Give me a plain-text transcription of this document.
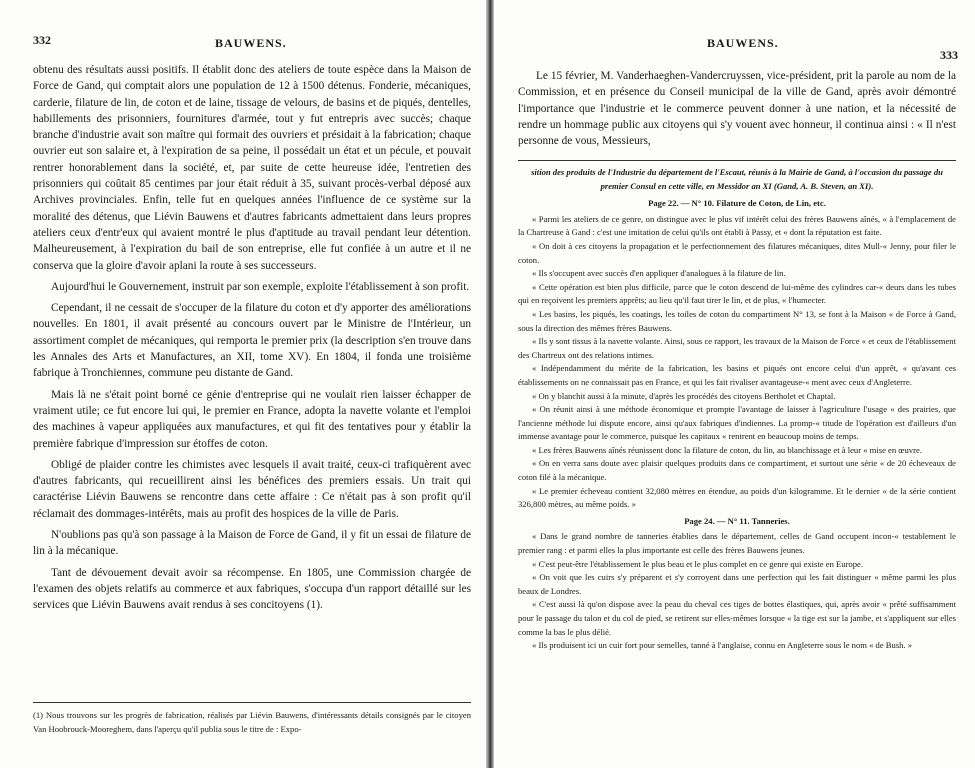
332	BAUWENS.

obtenu des résultats aussi positifs. Il établit donc des ateliers de toute espèce dans la Maison de Force de Gand, qui comptait alors une population de 12 à 1500 détenus. Fonderie, mécaniques, carderie, filature de lin, de coton et de laine, tissage de velours, de basins et de piqués, dentelles, habillements des prisonniers, fournitures d'armée, tout y fut entrepris avec succès; chaque branche d'industrie avait son maître qui formait des ouvriers et présidait à la fabrication; chaque ouvrier eut son salaire et, à l'expiration de sa peine, il possédait un état et un pécule, et pouvait rentrer honorablement dans la société, et, par suite de cette heureuse idée, l'entretien des prisonniers qui coûtait 85 centimes par jour était réduit à 35, suivant procès-verbal déposé aux Archives provinciales. Enfin, telle fut en quelques années l'influence de ce système sur la moralité des détenus, que Liévin Bauwens et d'autres fabricants admettaient dans leurs propres ateliers ceux d'entr'eux qui avaient montré le plus d'aptitude au travail pendant leur détention. Malheureusement, à l'expiration du bail de son entreprise, elle fut confiée à un autre et il ne conserva que la gloire d'avoir aplani la route à ses successeurs.

Aujourd'hui le Gouvernement, instruit par son exemple, exploite l'établissement à son profit.

Cependant, il ne cessait de s'occuper de la filature du coton et d'y apporter des améliorations nouvelles. En 1801, il avait présenté au concours ouvert par le Ministre de l'Intérieur, un assortiment complet de mécaniques, qui remporta le premier prix (la description s'en trouve dans les Annales des Arts et Manufactures, an XII, tome XV). En 1804, il fonda une troisième fabrique à Tronchiennes, commune peu distante de Gand.

Mais là ne s'était point borné ce génie d'entreprise qui ne voulait rien laisser échapper de vraiment utile; ce fut encore lui qui, le premier en France, adopta la navette volante et l'emploi des machines à vapeur appliquées aux manufactures, et qui fit des tentatives pour y établir la première fabrique d'impression sur étoffes de coton.

Obligé de plaider contre les chimistes avec lesquels il avait traité, ceux-ci trafiquèrent avec d'autres fabricants, qui recueillirent ainsi les bénéfices des premiers essais. Un trait qui caractérise Liévin Bauwens se rencontre dans cette affaire : Ce n'était pas à son profit qu'il réclamait des dommages-intérêts, mais au profit des hospices de la ville de Paris.

N'oublions pas qu'à son passage à la Maison de Force de Gand, il y fit un essai de filature de lin à la mécanique.

Tant de dévouement devait avoir sa récompense. En 1805, une Commission chargée de l'examen des objets relatifs au commerce et aux fabriques, s'occupa d'un rapport détaillé sur les services que Liévin Bauwens avait rendus à ses concitoyens (1).

(1) Nous trouvons sur les progrès de fabrication, réalisés par Liévin Bauwens, d'intéressants détails consignés par le citoyen Van Hoobrouck-Mooreghem, dans l'aperçu qu'il publia sous le titre de : Expo-
BAUWENS.
333

Le 15 février, M. Vanderhaeghen-Vandercruyssen, vice-président, prit la parole au nom de la Commission, et en présence du Conseil municipal de la ville de Gand, après avoir démontré l'importance que l'industrie et le commerce peuvent donner à une nation, et la nécessité de rendre un hommage public aux citoyens qui s'y vouent avec honneur, il continua ainsi : « Il n'est personne de vous, Messieurs,

sition des produits de l'Industrie du département de l'Escaut, réunis à la Mairie de Gand, à l'occasion du passage du premier Consul en cette ville, en Messidor an XI (Gand, A. B. Steven, an XI).

Page 22. — N° 10. Filature de Coton, de Lin, etc.

« Parmi les ateliers de ce genre, on distingue avec le plus vif intérêt celui des frères Bauwens aînés, « à l'emplacement de la Chartreuse à Gand : c'est une imitation de celui qu'ils ont établi à Passy, et « dont la réputation est faite.

« On doit à ces citoyens la propagation et le perfectionnement des filatures mécaniques, dites Mull-« Jenny, pour filer le coton.

« Ils s'occupent avec succès d'en appliquer d'analogues à la filature de lin.

« Cette opération est bien plus difficile, parce que le coton descend de lui-même des cylindres car-« deurs dans les tubes qui en reçoivent les premiers apprêts; au lieu qu'il faut tirer le lin, et de plus, « l'humecter.

« Les basins, les piqués, les coatings, les toiles de coton du compartiment N° 13, se font à la Maison « de Force à Gand, sous la direction des mêmes frères Bauwens.

« Ils y sont tissus à la navette volante. Ainsi, sous ce rapport, les travaux de la Maison de Force « et ceux de l'établissement des Chartreux ont des relations intimes.

« Indépendamment du mérite de la fabrication, les basins et piqués ont encore celui d'un apprêt, « qu'avant ces établissements on ne connaissait pas en France, et qui les fait rivaliser avantageuse-« ment avec ceux d'Angleterre.

« On y blanchit aussi à la minute, d'après les procédés des citoyens Bertholet et Chaptal.

« On réunit ainsi à une méthode économique et prompte l'avantage de laisser à l'agriculture l'usage « des prairies, que l'ancienne méthode lui dispute encore, ainsi qu'aux fabriques d'indiennes. La promp-« titude de l'opération est d'ailleurs d'un immense avantage pour le commerce, puisque les capitaux « rentrent en beaucoup moins de temps.

« Les frères Bauwens aînés réunissent donc la filature de coton, du lin, au blanchissage et à leur « mise en œuvre.

« On en verra sans doute avec plaisir quelques produits dans ce compartiment, et surtout une série « de 20 écheveaux de coton filé à la mécanique.

« Le premier écheveau contient 32,080 mètres en étendue, au poids d'un kilogramme. Et le dernier « de la série contient 326,800 mètres, au même poids. »

Page 24. — N° 11. Tanneries.

« Dans le grand nombre de tanneries établies dans le département, celles de Gand occupent incon-« testablement le premier rang : et parmi elles la plus importante est celle des frères Bauwens jeunes.

« C'est peut-être l'établissement le plus beau et le plus complet en ce genre qui existe en Europe.

« On voit que les cuirs s'y préparent et s'y corroyent dans une perfection qui les fait distinguer « même parmi les plus beaux de Londres.

« C'est aussi là qu'on dispose avec la peau du cheval ces tiges de bottes élastiques, qui, après avoir « prêté suffisamment pour le passage du talon et du col de pied, se retirent sur elles-mêmes lorsque « la tige est sur la jambe, et s'appliquent sur elles comme la bas le plus délié.

« Ils produisent ici un cuir fort pour semelles, tanné à l'anglaise, connu en Angleterre sous le nom « de Bush. »
